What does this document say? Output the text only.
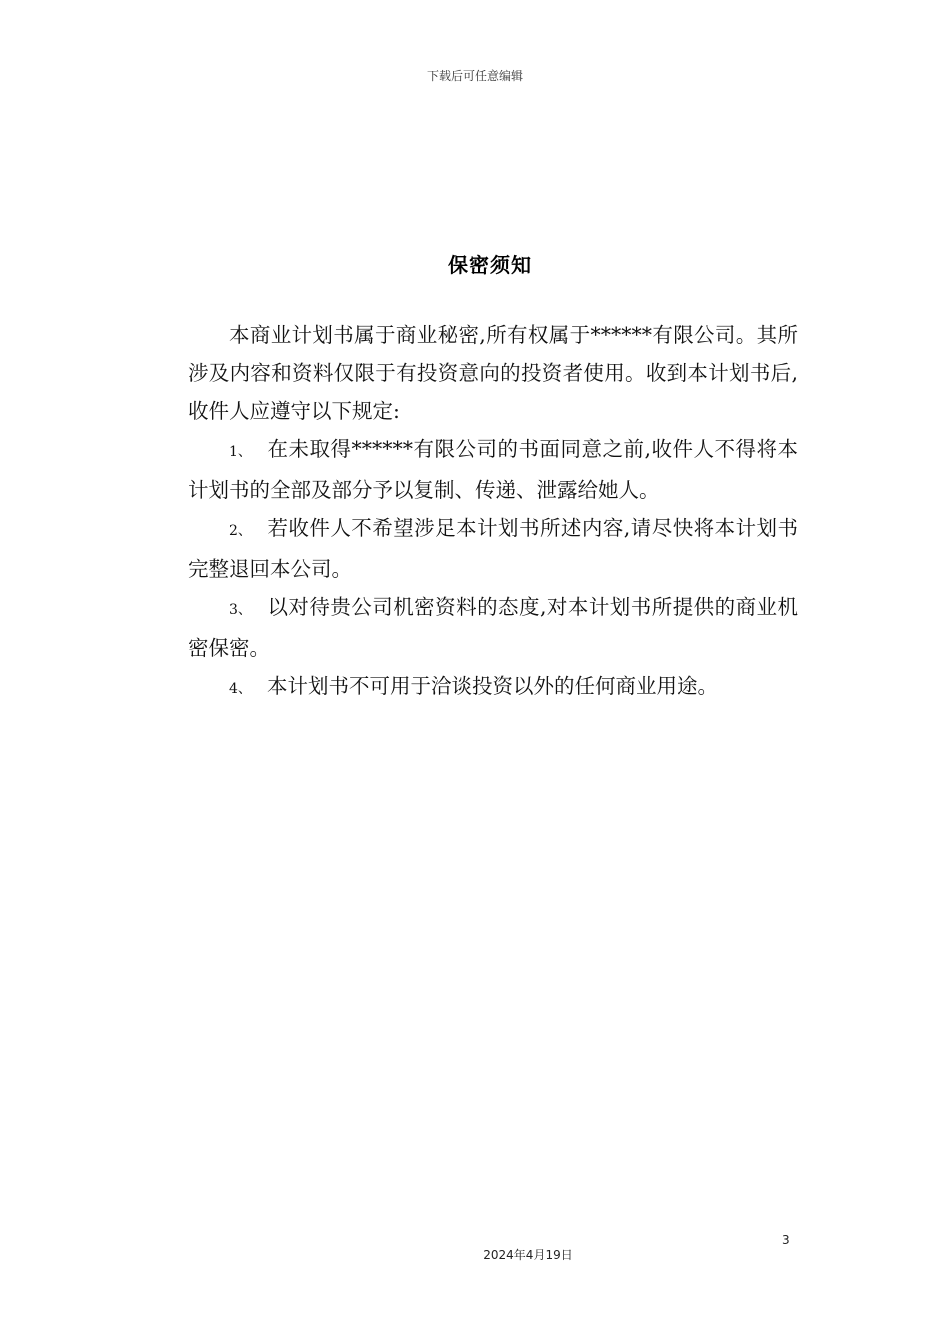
下载后可任意编辑
保密须知

本商业计划书属于商业秘密,所有权属于******有限公司。其所涉及内容和资料仅限于有投资意向的投资者使用。收到本计划书后,收件人应遵守以下规定:

1、 在未取得******有限公司的书面同意之前,收件人不得将本计划书的全部及部分予以复制、传递、泄露给她人。

2、 若收件人不希望涉足本计划书所述内容,请尽快将本计划书完整退回本公司。

3、 以对待贵公司机密资料的态度,对本计划书所提供的商业机密保密。

4、 本计划书不可用于洽谈投资以外的任何商业用途。

3
2024年4月19日
